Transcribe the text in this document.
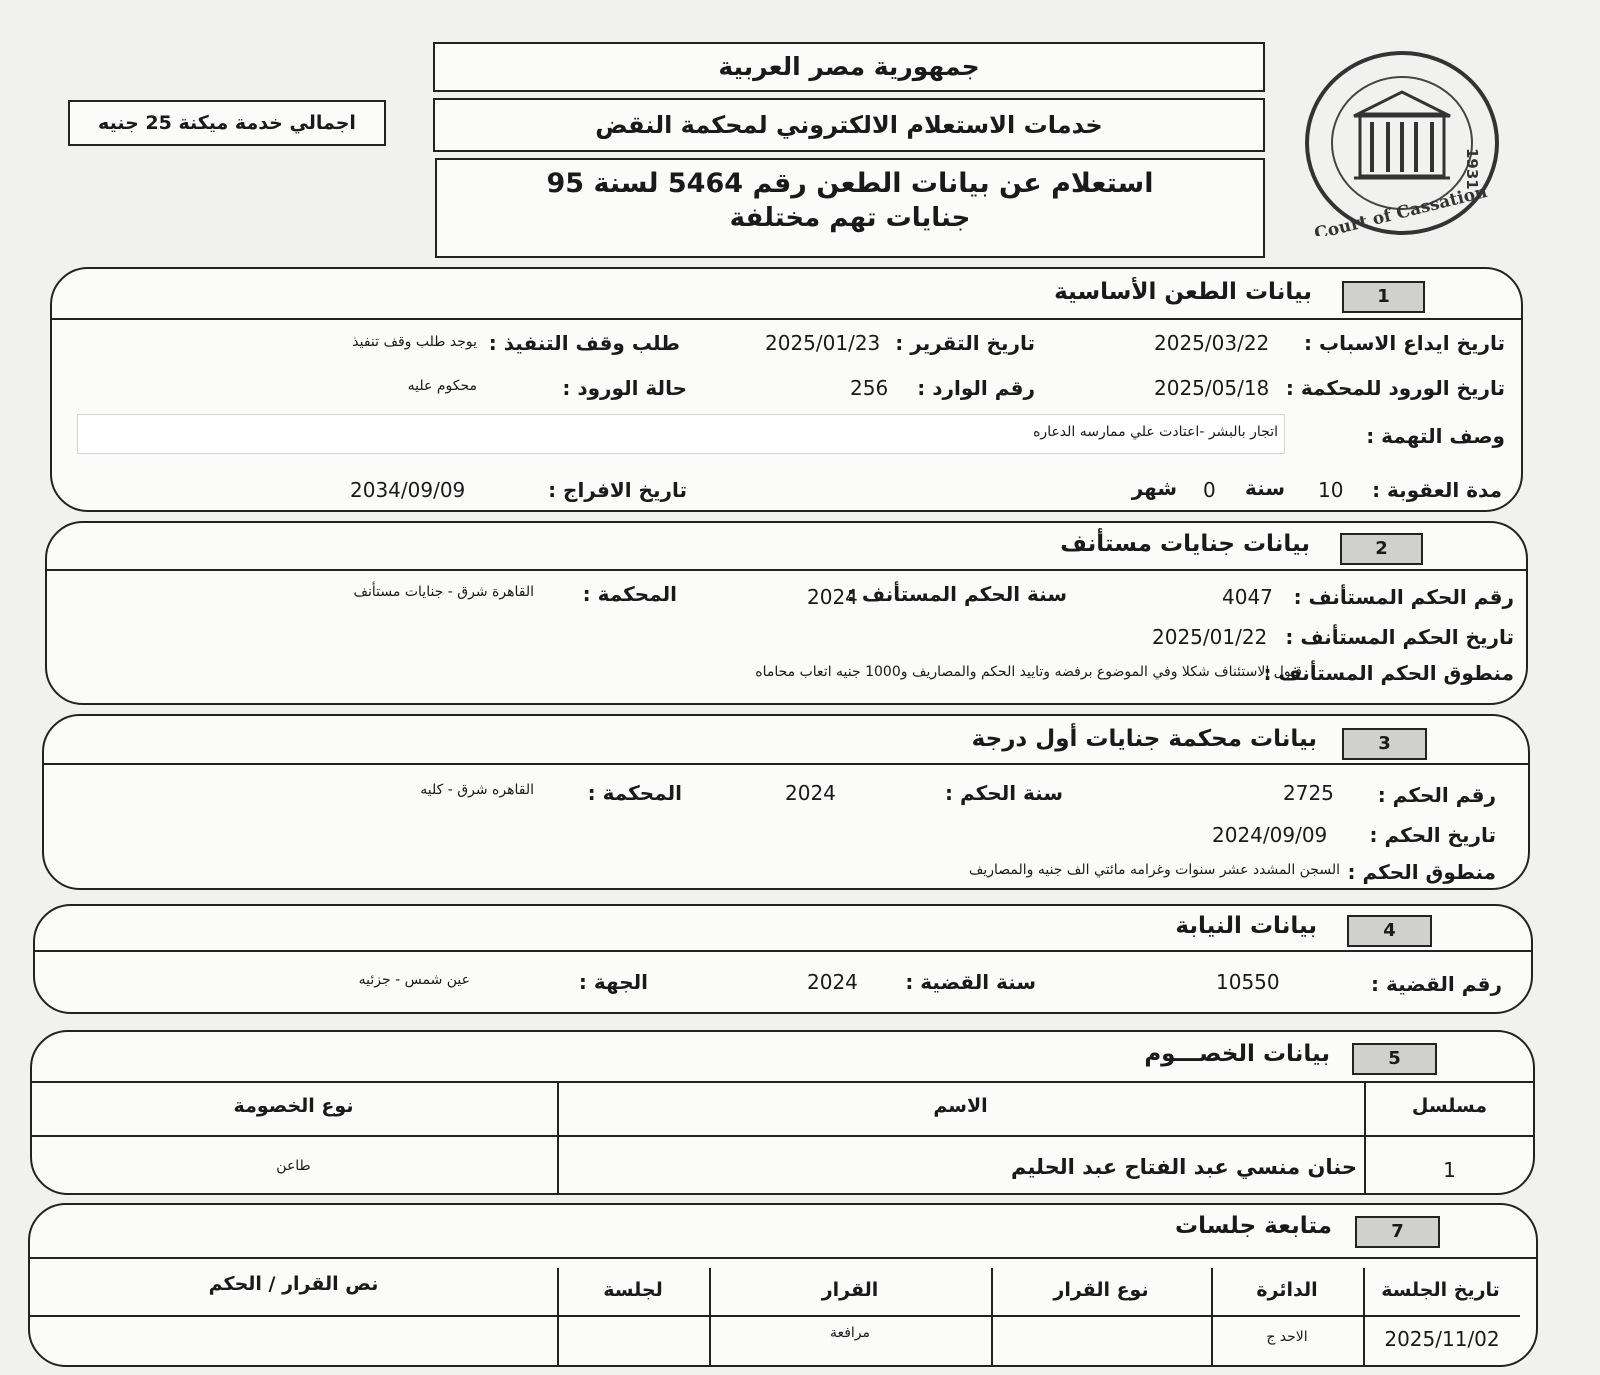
جمهورية مصر العربية
خدمات الاستعلام الالكتروني لمحكمة النقض
استعلام عن بيانات الطعن رقم 5464 لسنة 95
جنايات تهم مختلفة
اجمالي خدمة ميكنة 25 جنيه
Court of Cassation
1931
1
بيانات الطعن الأساسية
تاريخ ايداع الاسباب :
2025/03/22
تاريخ التقرير :
2025/01/23
طلب وقف التنفيذ :
يوجد طلب وقف تنفيذ
تاريخ الورود للمحكمة :
2025/05/18
رقم الوارد :
256
حالة الورود :
محكوم عليه
وصف التهمة :
اتجار بالبشر -اعتادت علي ممارسه الدعاره
مدة العقوبة :
10
سنة
0
شهر
تاريخ الافراج :
2034/09/09
2
بيانات جنايات مستأنف
رقم الحكم المستأنف :
4047
سنة الحكم المستأنف :
2024
المحكمة :
القاهرة شرق - جنايات مستأنف
تاريخ الحكم المستأنف :
2025/01/22
منطوق الحكم المستأنف :
قبول الاستئناف شكلا وفي الموضوع برفضه وتاييد الحكم والمصاريف و1000 جنيه اتعاب محاماه
3
بيانات محكمة جنايات أول درجة
رقم الحكم :
2725
سنة الحكم :
2024
المحكمة :
القاهره شرق - كليه
تاريخ الحكم :
2024/09/09
منطوق الحكم :
السجن المشدد عشر سنوات وغرامه مائتي الف جنيه والمصاريف
4
بيانات النيابة
رقم القضية :
10550
سنة القضية :
2024
الجهة :
عين شمس - جزئيه
5
بيانات الخصـــوم
مسلسل
الاسم
نوع الخصومة
1
حنان منسي عبد الفتاح عبد الحليم
طاعن
7
متابعة جلسات
تاريخ الجلسة
الدائرة
نوع القرار
القرار
لجلسة
نص القرار / الحكم
2025/11/02
الاحد ج
مرافعة
